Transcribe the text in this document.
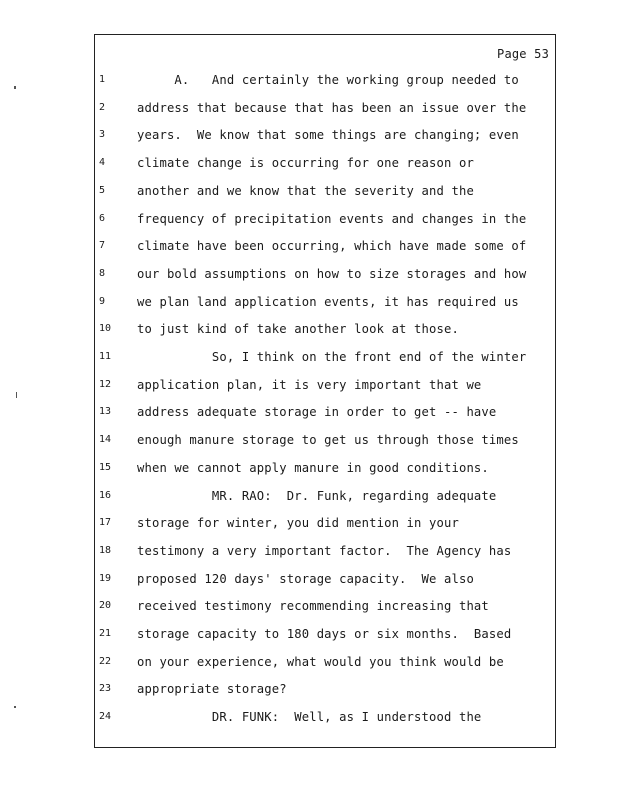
Page 53
1	A.   And certainly the working group needed to
2	address that because that has been an issue over the
3	years.  We know that some things are changing; even
4	climate change is occurring for one reason or
5	another and we know that the severity and the
6	frequency of precipitation events and changes in the
7	climate have been occurring, which have made some of
8	our bold assumptions on how to size storages and how
9	we plan land application events, it has required us
10	to just kind of take another look at those.
11	So, I think on the front end of the winter
12	application plan, it is very important that we
13	address adequate storage in order to get -- have
14	enough manure storage to get us through those times
15	when we cannot apply manure in good conditions.
16	MR. RAO:  Dr. Funk, regarding adequate
17	storage for winter, you did mention in your
18	testimony a very important factor.  The Agency has
19	proposed 120 days' storage capacity.  We also
20	received testimony recommending increasing that
21	storage capacity to 180 days or six months.  Based
22	on your experience, what would you think would be
23	appropriate storage?
24	DR. FUNK:  Well, as I understood the
